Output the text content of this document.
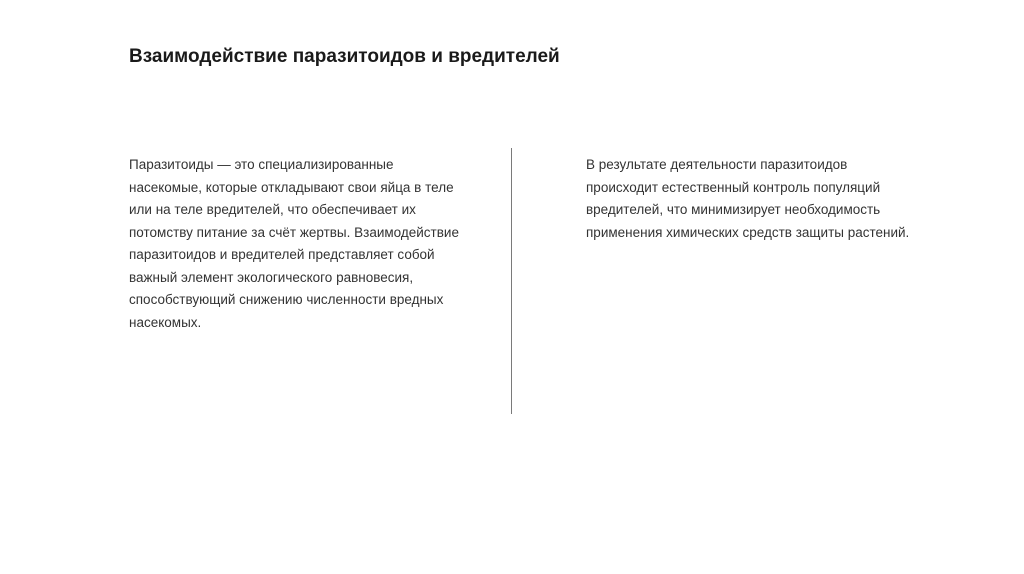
Взаимодействие паразитоидов и вредителей
Паразитоиды — это специализированные
насекомые, которые откладывают свои яйца в теле
или на теле вредителей, что обеспечивает их
потомству питание за счёт жертвы. Взаимодействие
паразитоидов и вредителей представляет собой
важный элемент экологического равновесия,
способствующий снижению численности вредных
насекомых.
В результате деятельности паразитоидов
происходит естественный контроль популяций
вредителей, что минимизирует необходимость
применения химических средств защиты растений.
